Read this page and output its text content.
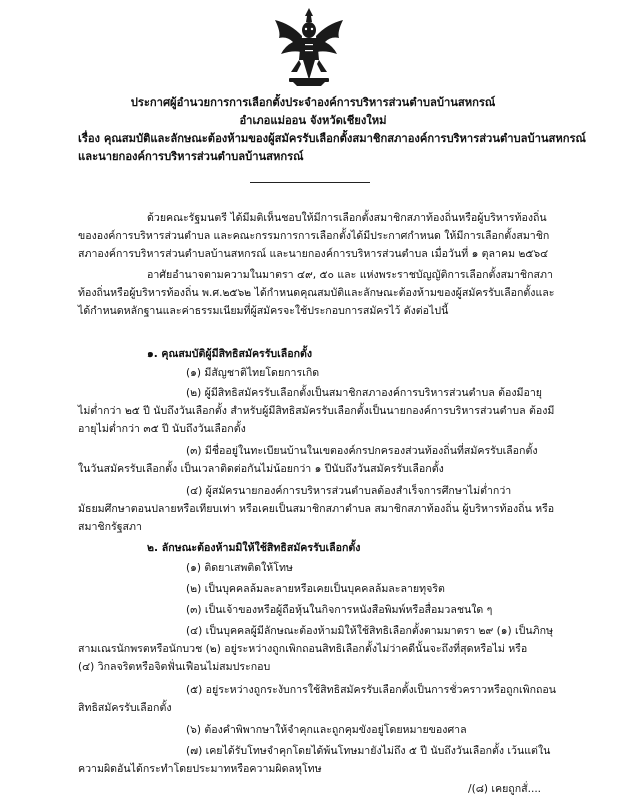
ประกาศผู้อำนวยการการเลือกตั้งประจำองค์การบริหารส่วนตำบลบ้านสหกรณ์
อำเภอแม่ออน จังหวัดเชียงใหม่
เรื่อง คุณสมบัติและลักษณะต้องห้ามของผู้สมัครรับเลือกตั้งสมาชิกสภาองค์การบริหารส่วนตำบลบ้านสหกรณ์
และนายกองค์การบริหารส่วนตำบลบ้านสหกรณ์
ด้วยคณะรัฐมนตรี ได้มีมติเห็นชอบให้มีการเลือกตั้งสมาชิกสภาท้องถิ่นหรือผู้บริหารท้องถิ่น
ขององค์การบริหารส่วนตำบล และคณะกรรมการการเลือกตั้งได้มีประกาศกำหนด ให้มีการเลือกตั้งสมาชิก
สภาองค์การบริหารส่วนตำบลบ้านสหกรณ์ และนายกองค์การบริหารส่วนตำบล เมื่อวันที่ ๑ ตุลาคม ๒๕๖๔
อาศัยอำนาจตามความในมาตรา ๔๙, ๕๐ และ แห่งพระราชบัญญัติการเลือกตั้งสมาชิกสภา
ท้องถิ่นหรือผู้บริหารท้องถิ่น พ.ศ.๒๕๖๒ ได้กำหนดคุณสมบัติและลักษณะต้องห้ามของผู้สมัครรับเลือกตั้งและ
ได้กำหนดหลักฐานและค่าธรรมเนียมที่ผู้สมัครจะใช้ประกอบการสมัครไว้ ดังต่อไปนี้
๑. คุณสมบัติผู้มีสิทธิสมัครรับเลือกตั้ง
(๑) มีสัญชาติไทยโดยการเกิด
(๒) ผู้มีสิทธิสมัครรับเลือกตั้งเป็นสมาชิกสภาองค์การบริหารส่วนตำบล ต้องมีอายุ
ไม่ต่ำกว่า ๒๕ ปี นับถึงวันเลือกตั้ง สำหรับผู้มีสิทธิสมัครรับเลือกตั้งเป็นนายกองค์การบริหารส่วนตำบล ต้องมี
อายุไม่ต่ำกว่า ๓๕ ปี นับถึงวันเลือกตั้ง
(๓) มีชื่ออยู่ในทะเบียนบ้านในเขตองค์กรปกครองส่วนท้องถิ่นที่สมัครรับเลือกตั้ง
ในวันสมัครรับเลือกตั้ง เป็นเวลาติดต่อกันไม่น้อยกว่า ๑ ปีนับถึงวันสมัครรับเลือกตั้ง
(๔) ผู้สมัครนายกองค์การบริหารส่วนตำบลต้องสำเร็จการศึกษาไม่ต่ำกว่า
มัธยมศึกษาตอนปลายหรือเทียบเท่า หรือเคยเป็นสมาชิกสภาตำบล สมาชิกสภาท้องถิ่น ผู้บริหารท้องถิ่น หรือ
สมาชิกรัฐสภา
๒. ลักษณะต้องห้ามมิให้ใช้สิทธิสมัครรับเลือกตั้ง
(๑) ติดยาเสพติดให้โทษ
(๒) เป็นบุคคลล้มละลายหรือเคยเป็นบุคคลล้มละลายทุจริต
(๓) เป็นเจ้าของหรือผู้ถือหุ้นในกิจการหนังสือพิมพ์หรือสื่อมวลชนใด ๆ
(๔) เป็นบุคคลผู้มีลักษณะต้องห้ามมิให้ใช้สิทธิเลือกตั้งตามมาตรา ๒๙ (๑) เป็นภิกษุ
สามเณรนักพรตหรือนักบวช (๒) อยู่ระหว่างถูกเพิกถอนสิทธิเลือกตั้งไม่ว่าคดีนั้นจะถึงที่สุดหรือไม่ หรือ
(๔) วิกลจริตหรือจิตฟั่นเฟือนไม่สมประกอบ
(๕) อยู่ระหว่างถูกระงับการใช้สิทธิสมัครรับเลือกตั้งเป็นการชั่วคราวหรือถูกเพิกถอน
สิทธิสมัครรับเลือกตั้ง
(๖) ต้องคำพิพากษาให้จำคุกและถูกคุมขังอยู่โดยหมายของศาล
(๗) เคยได้รับโทษจำคุกโดยได้พ้นโทษมายังไม่ถึง ๕ ปี นับถึงวันเลือกตั้ง เว้นแต่ใน
ความผิดอันได้กระทำโดยประมาทหรือความผิดลหุโทษ
/(๘) เคยถูกสั่....
